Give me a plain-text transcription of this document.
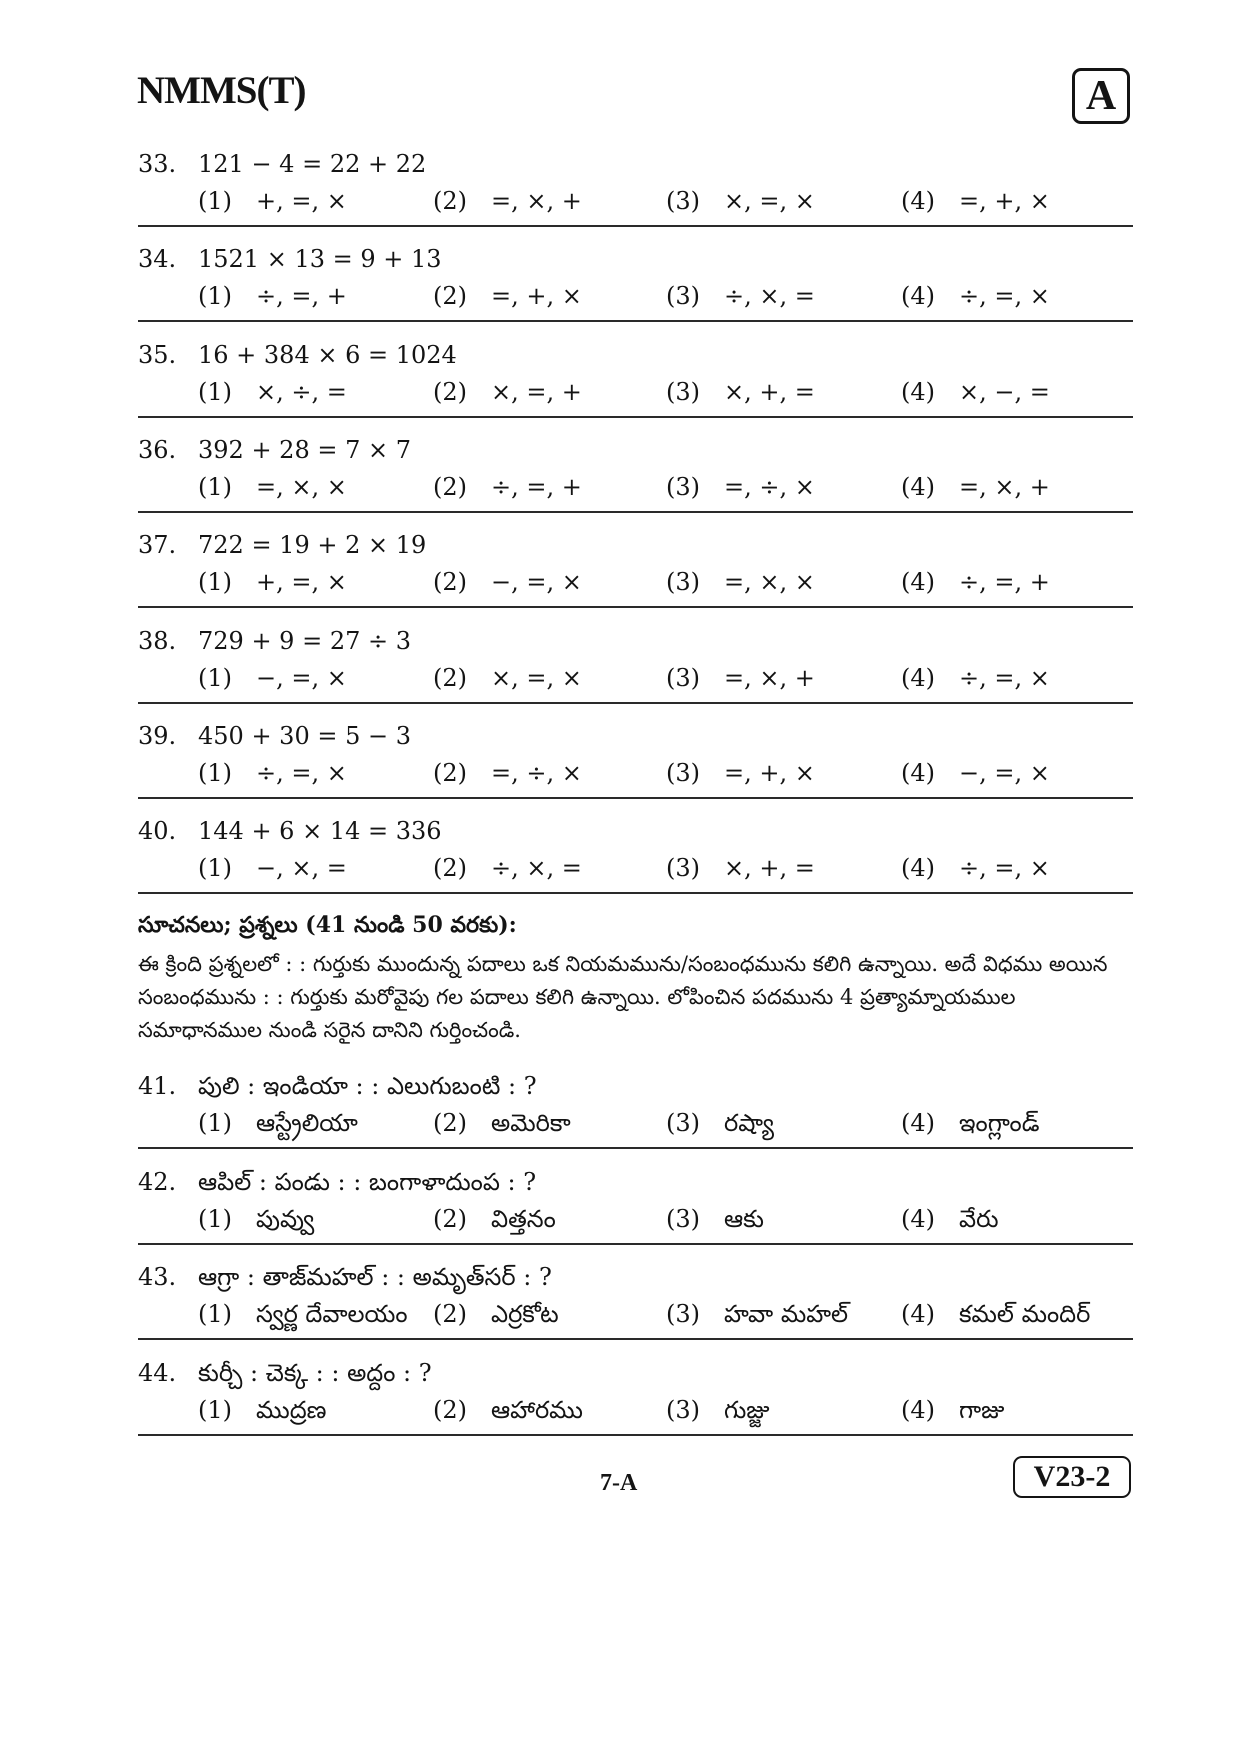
NMMS(T)	A
33. 121 − 4 = 22 + 22
(1) +, =, ×	(2) =, ×, +	(3) ×, =, ×	(4) =, +, ×
34. 1521 × 13 = 9 + 13
(1) ÷, =, +	(2) =, +, ×	(3) ÷, ×, =	(4) ÷, =, ×
35. 16 + 384 × 6 = 1024
(1) ×, ÷, =	(2) ×, =, +	(3) ×, +, =	(4) ×, −, =
36. 392 + 28 = 7 × 7
(1) =, ×, ×	(2) ÷, =, +	(3) =, ÷, ×	(4) =, ×, +
37. 722 = 19 + 2 × 19
(1) +, =, ×	(2) −, =, ×	(3) =, ×, ×	(4) ÷, =, +
38. 729 + 9 = 27 ÷ 3
(1) −, =, ×	(2) ×, =, ×	(3) =, ×, +	(4) ÷, =, ×
39. 450 + 30 = 5 − 3
(1) ÷, =, ×	(2) =, ÷, ×	(3) =, +, ×	(4) −, =, ×
40. 144 + 6 × 14 = 336
(1) −, ×, =	(2) ÷, ×, =	(3) ×, +, =	(4) ÷, =, ×
సూచనలు; ప్రశ్నలు (41 నుండి 50 వరకు):
ఈ క్రింది ప్రశ్నలలో : : గుర్తుకు ముందున్న పదాలు ఒక నియమమును/సంబంధమును కలిగి ఉన్నాయి. అదే విధము అయిన సంబంధమును : : గుర్తుకు మరోవైపు గల పదాలు కలిగి ఉన్నాయి. లోపించిన పదమును 4 ప్రత్యామ్నాయముల సమాధానముల నుండి సరైన దానిని గుర్తించండి.
41. పులి : ఇండియా : : ఎలుగుబంటి : ?
(1) ఆస్ట్రేలియా	(2) అమెరికా	(3) రష్యా	(4) ఇంగ్లాండ్
42. ఆపిల్ : పండు : : బంగాళాదుంప : ?
(1) పువ్వు	(2) విత్తనం	(3) ఆకు	(4) వేరు
43. ఆగ్రా : తాజ్‌మహల్ : : అమృత్‌సర్ : ?
(1) స్వర్ణ దేవాలయం (2) ఎర్రకోట	(3) హవా మహల్ (4) కమల్ మందిర్
44. కుర్చీ : చెక్క : : అద్దం : ?
(1) ముద్రణ	(2) ఆహారము	(3) గుజ్జు	(4) గాజు
7-A	V23-2
